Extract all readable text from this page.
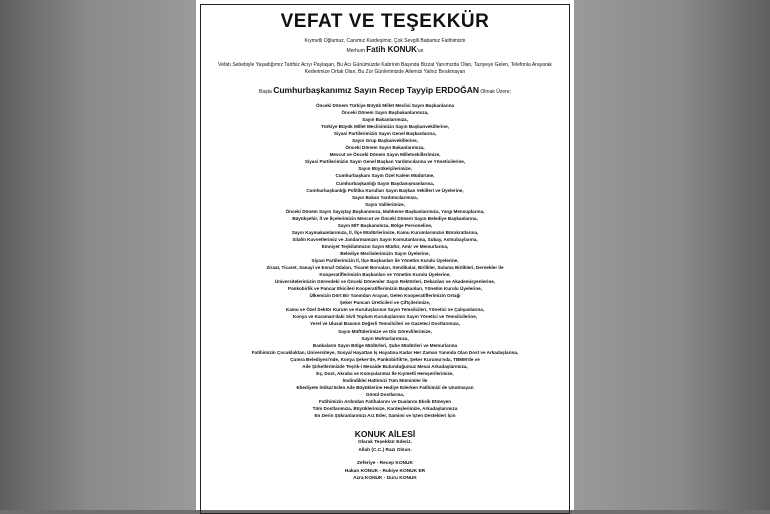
VEFAT VE TEŞEKKÜR
Kıymetli Oğlumuz, Canımız Kardeşimiz, Çok Sevgili Babamız Fatihimizin
Merhum Fatih KONUK'un
Vefatı Sebebiyle Yaşadığımız Tarifsiz Acıyı Paylaşan, Bu Acı Günümüzde Kabrinin Başında Bizzat Yanımızda Olan, Taziyeye Gelen, Telefonla Arayarak Kederimize Ortak Olan, Bu Zor Günlerimizde Ailemizi Yalnız Bırakmayan
Başta Cumhurbaşkanımız Sayın Recep Tayyip ERDOĞAN Olmak Üzere;
Önceki Dönem Türkiye Büyük Millet Meclisi Sayın Başkanlarına
Önceki Dönem Sayın Başbakanlarımıza,
Sayın Bakanlarımıza,
Türkiye Büyük Millet Meclisimizin Sayın Başkanvekillerine,
Siyasi Partilerimizin Sayın Genel Başkanlarına,
Sayın Grup Başkanvekillerine,
Önceki Dönem Sayın Bakanlarımıza,
Mevcut ve Önceki Dönem Sayın Milletvekillerimize,
Siyasi Partilerimizin Sayın Genel Başkan Yardımcılarına ve Yöneticilerine,
Sayın Büyükelçilerimize,
Cumhurbaşkanı Sayın Özel Kalem Müdürüne,
Cumhurbaşkanlığı Sayın Başdanışmanlarına,
Cumhurbaşkanlığı Politika Kurulları Sayın Başkan Vekilleri ve Üyelerine,
Sayın Bakan Yardımcılarımıza,
Sayın Valilerimize,
Önceki Dönem Sayın Sayıştay Başkanımıza, Mahkeme Başkanlarımıza, Yargı Mensuplarına,
Büyükşehir, İl ve İlçelerimizin Mevcut ve Önceki Dönem Sayın Belediye Başkanlarına,
Sayın MİT Başkanımıza, Bölge Personeline,
Sayın Kaymakamlarımıza, İl, İlçe Müdürlerimize, Kamu Kurumlarımızın Bürokratlarına,
Silahlı Kuvvetlerimiz ve Jandarmamızın Sayın Komutanlarına, Subay, Astsubaylarına,
Emniyet Teşkilatımızın Sayın Müdür, Amir ve Memurlarına,
Belediye Meclislerimizin Sayın Üyelerine,
Siyasi Partilerimizin İl, İlçe Başkanları ile Yönetim Kurulu Üyelerine,
Ziraat, Ticaret, Sanayi ve Esnaf Odaları, Ticaret Borsaları, Sendikalar, Birlikler, Sulama Birlikleri, Dernekler ile
Kooperatiflerimizin Başkanları ve Yönetim Kurulu Üyelerine,
Üniversitelerimizin Görevdeki ve Önceki Dönemler Sayın Rektörleri, Dekanları ve Akademisyenlerine,
Pankobirlik ve Pancar Ekicileri Kooperatiflerimizin Başkanları, Yönetim Kurulu Üyelerine,
Ülkemizin Dört Bir Yanından Arayan, Gelen Kooperatiflerimizin Ortağı
Şeker Pancarı Üreticileri ve Çiftçilerimize,
Kamu ve Özel Sektör Kurum ve Kuruluşlarının Sayın Temsilcileri, Yönetici ve Çalışanlarına,
Konya ve Karaman'daki Sivil Toplum Kuruluşlarının Sayın Yönetici ve Temsilcilerine,
Yerel ve Ulusal Basının Değerli Temsilcileri ve Gazeteci Dostlarımıza,
Sayın Müftülerimize ve Din Görevlilerimize,
Sayın Muhtarlarımıza,
Bankaların Sayın Bölge Müdürleri, Şube Müdürleri ve Memurlarına
Fatihimizin Çocukluktan, Üniversiteye, Sosyal Hayattan İş Hayatına Kadar Her Zaman Yanında Olan Dost ve Arkadaşlarına,
Çumra Belediyesi'nde, Konya Şeker'de, Pankobirlik'te, Şeker Kurumu'nda, TBMM'de ve
Aile Şirketlerimizde Teşrik-i Mesaide Bulunduğumuz Mesai Arkadaşlarımıza,
Eş, Dost, Akraba ve Komşularımız İle Kıymetli Hemşerilerimize,
İmdindiklei Hattimizi Tüm Mümimler ile
Ebediyete İntikal Eden Aile Büyüklerine Hediye Ederken Fatihimizi de Unutmayan
Gönül Dostlarına,
Fatihimizin Ardından Fatihalarını ve Dualarını Eksik Etmeyen
Tüm Dostlarımıza, Büyüklerimize, Kardeşlerimize, Arkadaşlarımıza
En Derin Şükranlarımızı Arz Eder, Samimi ve İçten Destekleri İçin
KONUK AİLESİ
Olarak Teşekkür Ederiz.
Allah (C.C.) Razı Olsun.
Zeferiye - Recep KONUK
Hakan KONUK - Rukiye KONUK ER
Azra KONUK - Duru KONUK
